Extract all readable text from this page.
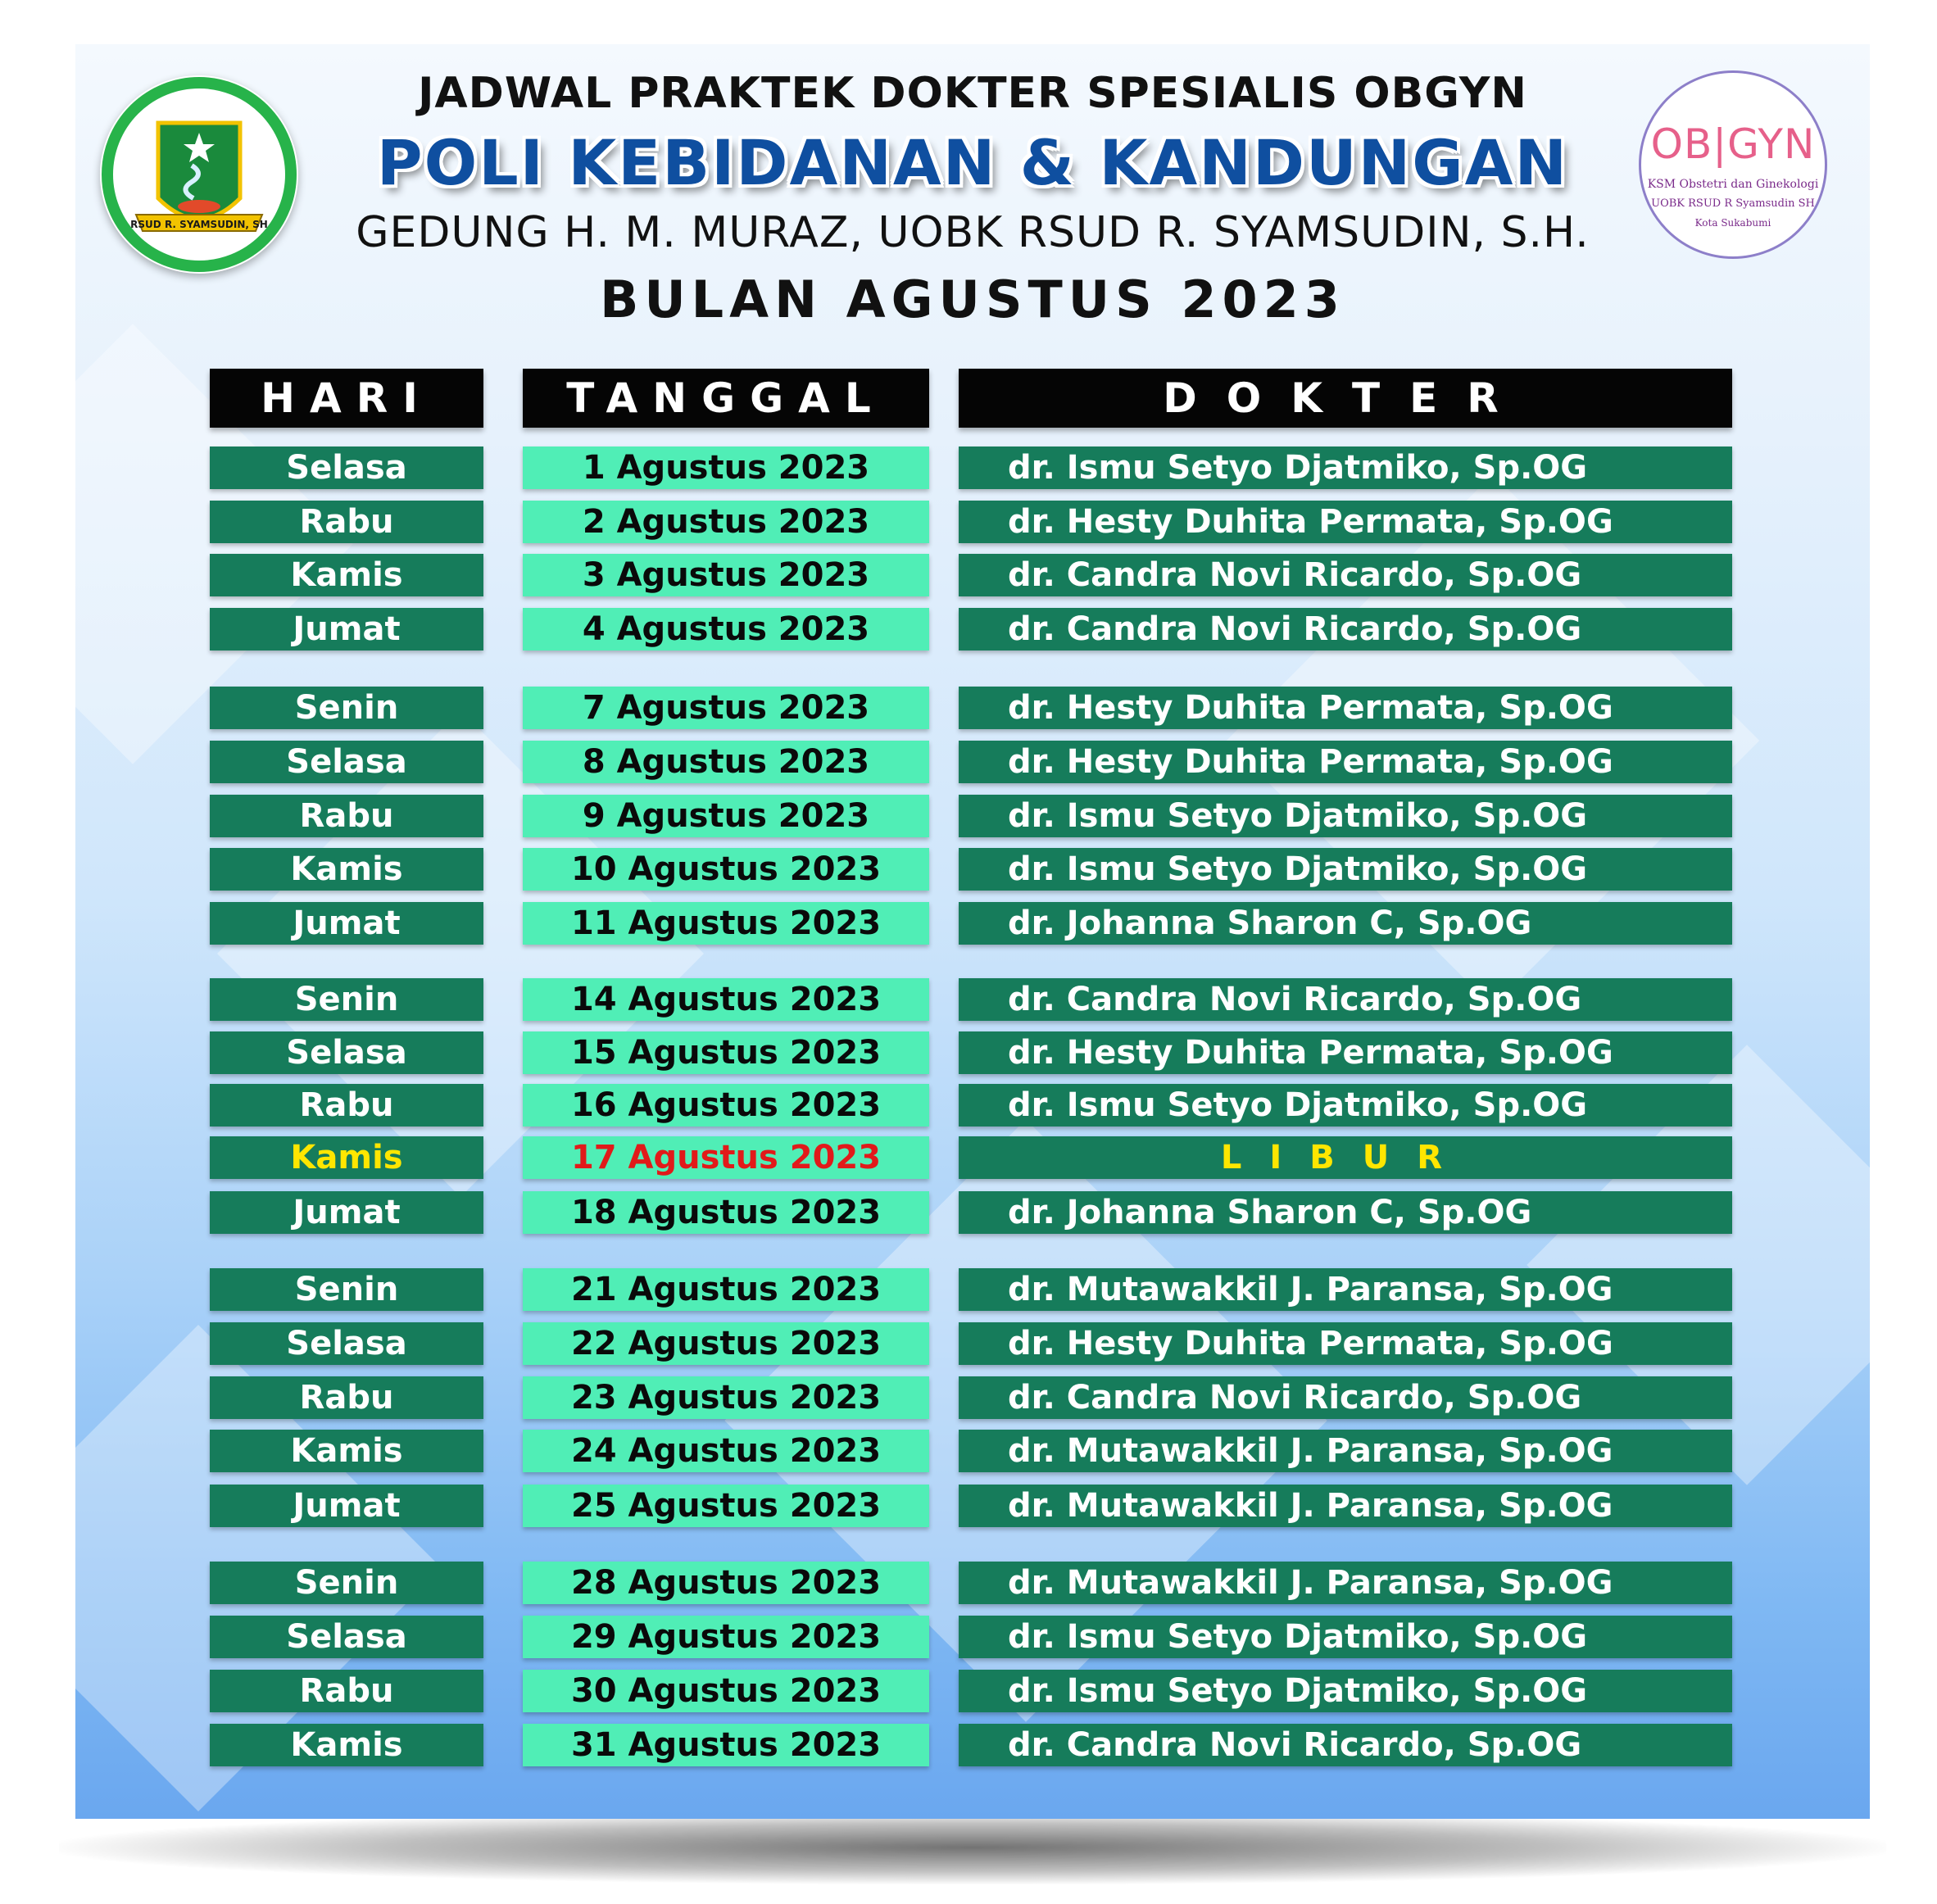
RSUD R. SYAMSUDIN, SH
OB|GYN
KSM Obstetri dan Ginekologi
UOBK RSUD R Syamsudin SH
Kota Sukabumi
JADWAL PRAKTEK DOKTER SPESIALIS OBGYN
POLI KEBIDANAN & KANDUNGAN
GEDUNG H. M. MURAZ, UOBK RSUD R. SYAMSUDIN, S.H.
BULAN AGUSTUS 2023
HARI	TANGGAL	DOKTER
Selasa	1 Agustus 2023	dr. Ismu Setyo Djatmiko, Sp.OG
Rabu	2 Agustus 2023	dr. Hesty Duhita Permata, Sp.OG
Kamis	3 Agustus 2023	dr. Candra Novi Ricardo, Sp.OG
Jumat	4 Agustus 2023	dr. Candra Novi Ricardo, Sp.OG
Senin	7 Agustus 2023	dr. Hesty Duhita Permata, Sp.OG
Selasa	8 Agustus 2023	dr. Hesty Duhita Permata, Sp.OG
Rabu	9 Agustus 2023	dr. Ismu Setyo Djatmiko, Sp.OG
Kamis	10 Agustus 2023	dr. Ismu Setyo Djatmiko, Sp.OG
Jumat	11 Agustus 2023	dr. Johanna Sharon C, Sp.OG
Senin	14 Agustus 2023	dr. Candra Novi Ricardo, Sp.OG
Selasa	15 Agustus 2023	dr. Hesty Duhita Permata, Sp.OG
Rabu	16 Agustus 2023	dr. Ismu Setyo Djatmiko, Sp.OG
Kamis	17 Agustus 2023	LIBUR
Jumat	18 Agustus 2023	dr. Johanna Sharon C, Sp.OG
Senin	21 Agustus 2023	dr. Mutawakkil J. Paransa, Sp.OG
Selasa	22 Agustus 2023	dr. Hesty Duhita Permata, Sp.OG
Rabu	23 Agustus 2023	dr. Candra Novi Ricardo, Sp.OG
Kamis	24 Agustus 2023	dr. Mutawakkil J. Paransa, Sp.OG
Jumat	25 Agustus 2023	dr. Mutawakkil J. Paransa, Sp.OG
Senin	28 Agustus 2023	dr. Mutawakkil J. Paransa, Sp.OG
Selasa	29 Agustus 2023	dr. Ismu Setyo Djatmiko, Sp.OG
Rabu	30 Agustus 2023	dr. Ismu Setyo Djatmiko, Sp.OG
Kamis	31 Agustus 2023	dr. Candra Novi Ricardo, Sp.OG
